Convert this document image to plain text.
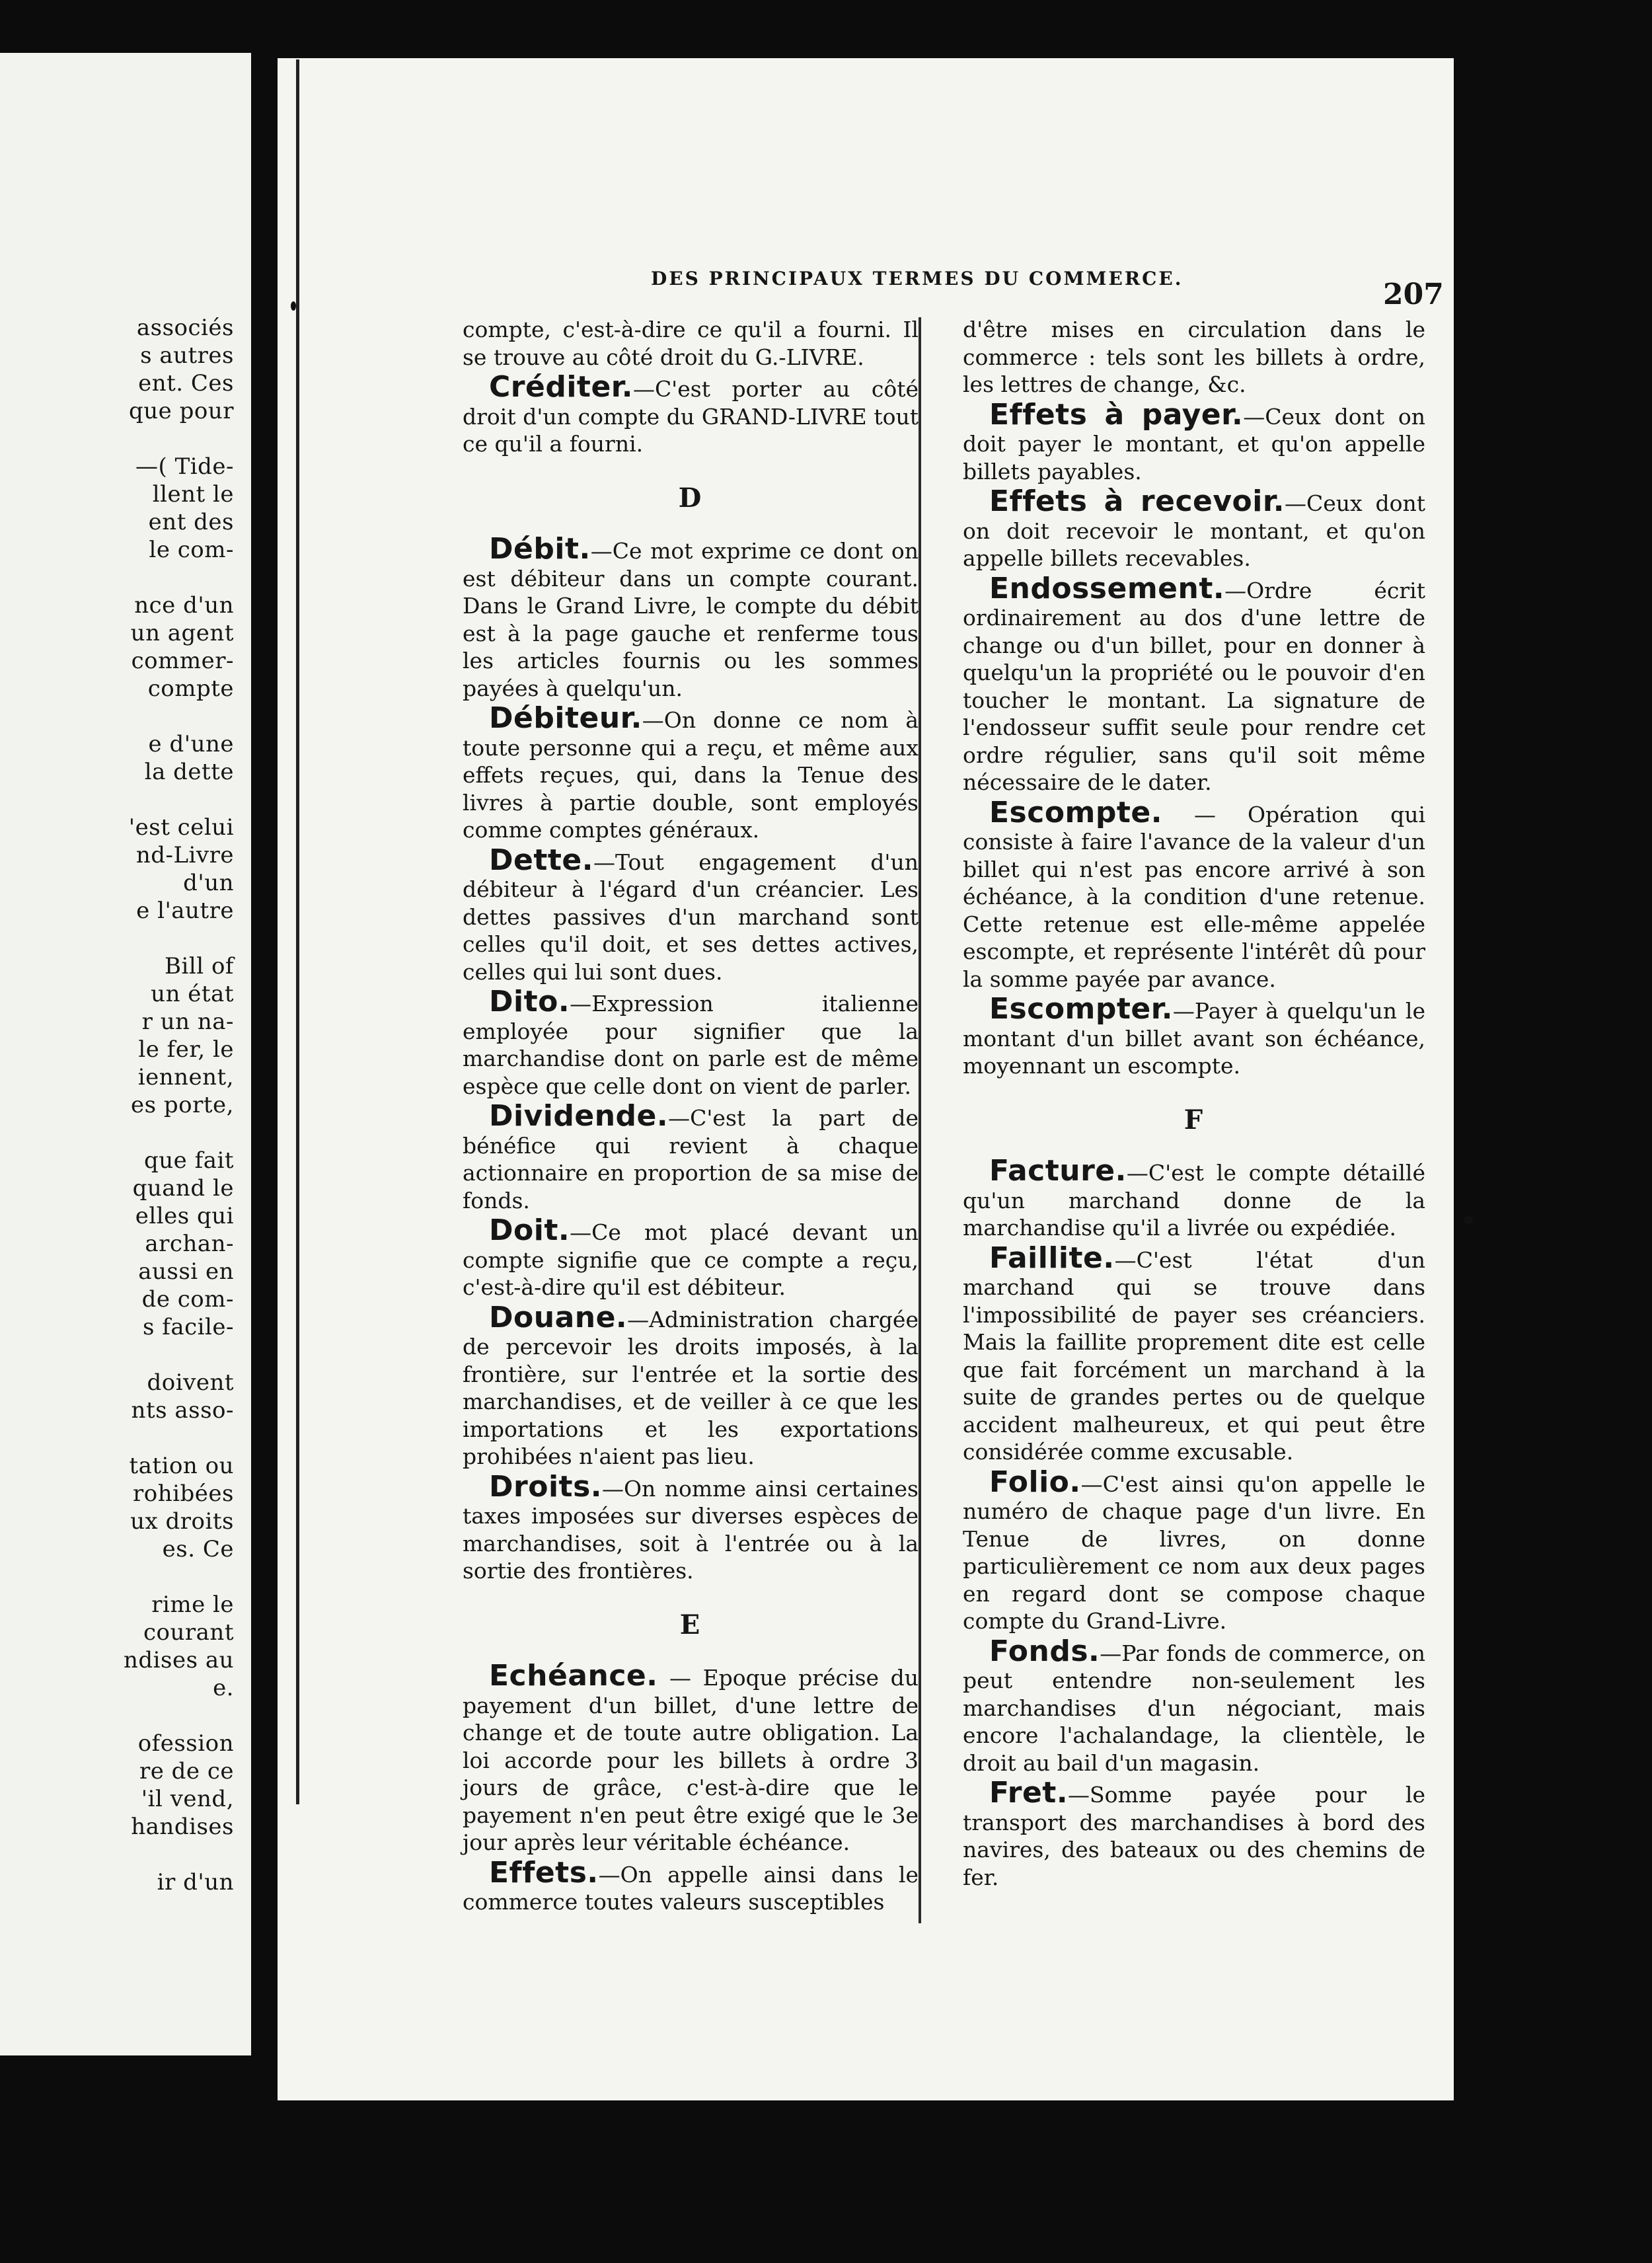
associés
s autres
ent. Ces
que pour
—( Tide-
llent le
ent des
le com-
nce d'un
un agent
commer-
compte
e d'une
la dette
'est celui
nd-Livre
d'un
e l'autre
Bill of
un état
r un na-
le fer, le
iennent,
es porte,
que fait
quand le
elles qui
archan-
aussi en
de com-
s facile-
doivent
nts asso-
tation ou
rohibées
ux droits
es. Ce
rime le
courant
ndises au
e.
ofession
re de ce
'il vend,
handises
ir d'un
DES PRINCIPAUX TERMES DU COMMERCE.	207

compte, c'est-à-dire ce qu'il a fourni. Il se trouve au côté droit du G.-LIVRE.

Créditer.—C'est porter au côté droit d'un compte du GRAND-LIVRE tout ce qu'il a fourni.

D

Débit.—Ce mot exprime ce dont on est débiteur dans un compte courant. Dans le Grand Livre, le compte du débit est à la page gauche et renferme tous les articles fournis ou les sommes payées à quelqu'un.

Débiteur.—On donne ce nom à toute personne qui a reçu, et même aux effets reçues, qui, dans la Tenue des livres à partie double, sont employés comme comptes généraux.

Dette.—Tout engagement d'un débiteur à l'égard d'un créancier. Les dettes passives d'un marchand sont celles qu'il doit, et ses dettes actives, celles qui lui sont dues.

Dito.—Expression italienne employée pour signifier que la marchandise dont on parle est de même espèce que celle dont on vient de parler.

Dividende.—C'est la part de bénéfice qui revient à chaque actionnaire en proportion de sa mise de fonds.

Doit.—Ce mot placé devant un compte signifie que ce compte a reçu, c'est-à-dire qu'il est débiteur.

Douane.—Administration chargée de percevoir les droits imposés, à la frontière, sur l'entrée et la sortie des marchandises, et de veiller à ce que les importations et les exportations prohibées n'aient pas lieu.

Droits.—On nomme ainsi certaines taxes imposées sur diverses espèces de marchandises, soit à l'entrée ou à la sortie des frontières.

E

Echéance. — Epoque précise du payement d'un billet, d'une lettre de change et de toute autre obligation. La loi accorde pour les billets à ordre 3 jours de grâce, c'est-à-dire que le payement n'en peut être exigé que le 3e jour après leur véritable échéance.

Effets.—On appelle ainsi dans le commerce toutes valeurs susceptibles

d'être mises en circulation dans le commerce : tels sont les billets à ordre, les lettres de change, &c.

Effets à payer.—Ceux dont on doit payer le montant, et qu'on appelle billets payables.

Effets à recevoir.—Ceux dont on doit recevoir le montant, et qu'on appelle billets recevables.

Endossement.—Ordre écrit ordinairement au dos d'une lettre de change ou d'un billet, pour en donner à quelqu'un la propriété ou le pouvoir d'en toucher le montant. La signature de l'endosseur suffit seule pour rendre cet ordre régulier, sans qu'il soit même nécessaire de le dater.

Escompte. — Opération qui consiste à faire l'avance de la valeur d'un billet qui n'est pas encore arrivé à son échéance, à la condition d'une retenue. Cette retenue est elle-même appelée escompte, et représente l'intérêt dû pour la somme payée par avance.

Escompter.—Payer à quelqu'un le montant d'un billet avant son échéance, moyennant un escompte.

F

Facture.—C'est le compte détaillé qu'un marchand donne de la marchandise qu'il a livrée ou expédiée.

Faillite.—C'est l'état d'un marchand qui se trouve dans l'impossibilité de payer ses créanciers. Mais la faillite proprement dite est celle que fait forcément un marchand à la suite de grandes pertes ou de quelque accident malheureux, et qui peut être considérée comme excusable.

Folio.—C'est ainsi qu'on appelle le numéro de chaque page d'un livre. En Tenue de livres, on donne particulièrement ce nom aux deux pages en regard dont se compose chaque compte du Grand-Livre.

Fonds.—Par fonds de commerce, on peut entendre non-seulement les marchandises d'un négociant, mais encore l'achalandage, la clientèle, le droit au bail d'un magasin.

Fret.—Somme payée pour le transport des marchandises à bord des navires, des bateaux ou des chemins de fer.
